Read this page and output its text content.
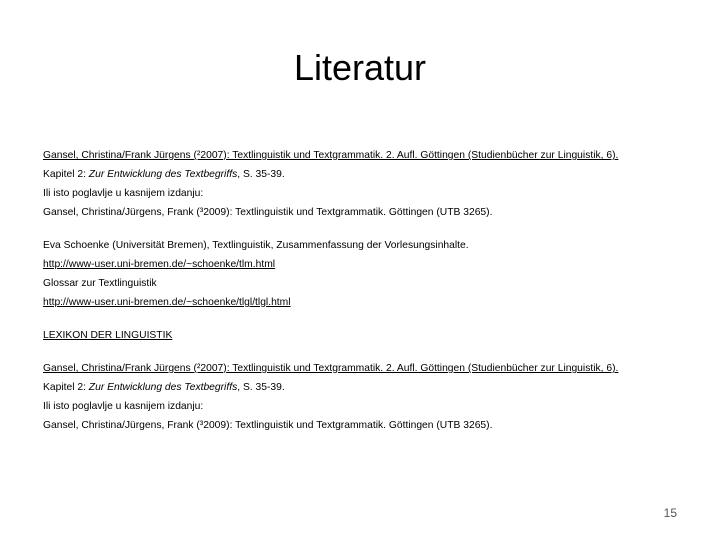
Literatur
Gansel, Christina/Frank Jürgens (²2007): Textlinguistik und Textgrammatik. 2. Aufl. Göttingen (Studienbücher zur Linguistik, 6).
Kapitel 2: Zur Entwicklung des Textbegriffs, S. 35-39.
Ili isto poglavlje u kasnijem izdanju:
Gansel, Christina/Jürgens, Frank (³2009): Textlinguistik und Textgrammatik. Göttingen (UTB 3265).
Eva Schoenke (Universität Bremen), Textlinguistik, Zusammenfassung der Vorlesungsinhalte.
http://www-user.uni-bremen.de/~schoenke/tlm.html
Glossar zur Textlinguistik
http://www-user.uni-bremen.de/~schoenke/tlgl/tlgl.html
LEXIKON DER LINGUISTIK
Gansel, Christina/Frank Jürgens (²2007): Textlinguistik und Textgrammatik. 2. Aufl. Göttingen (Studienbücher zur Linguistik, 6).
Kapitel 2: Zur Entwicklung des Textbegriffs, S. 35-39.
Ili isto poglavlje u kasnijem izdanju:
Gansel, Christina/Jürgens, Frank (³2009): Textlinguistik und Textgrammatik. Göttingen (UTB 3265).
15
